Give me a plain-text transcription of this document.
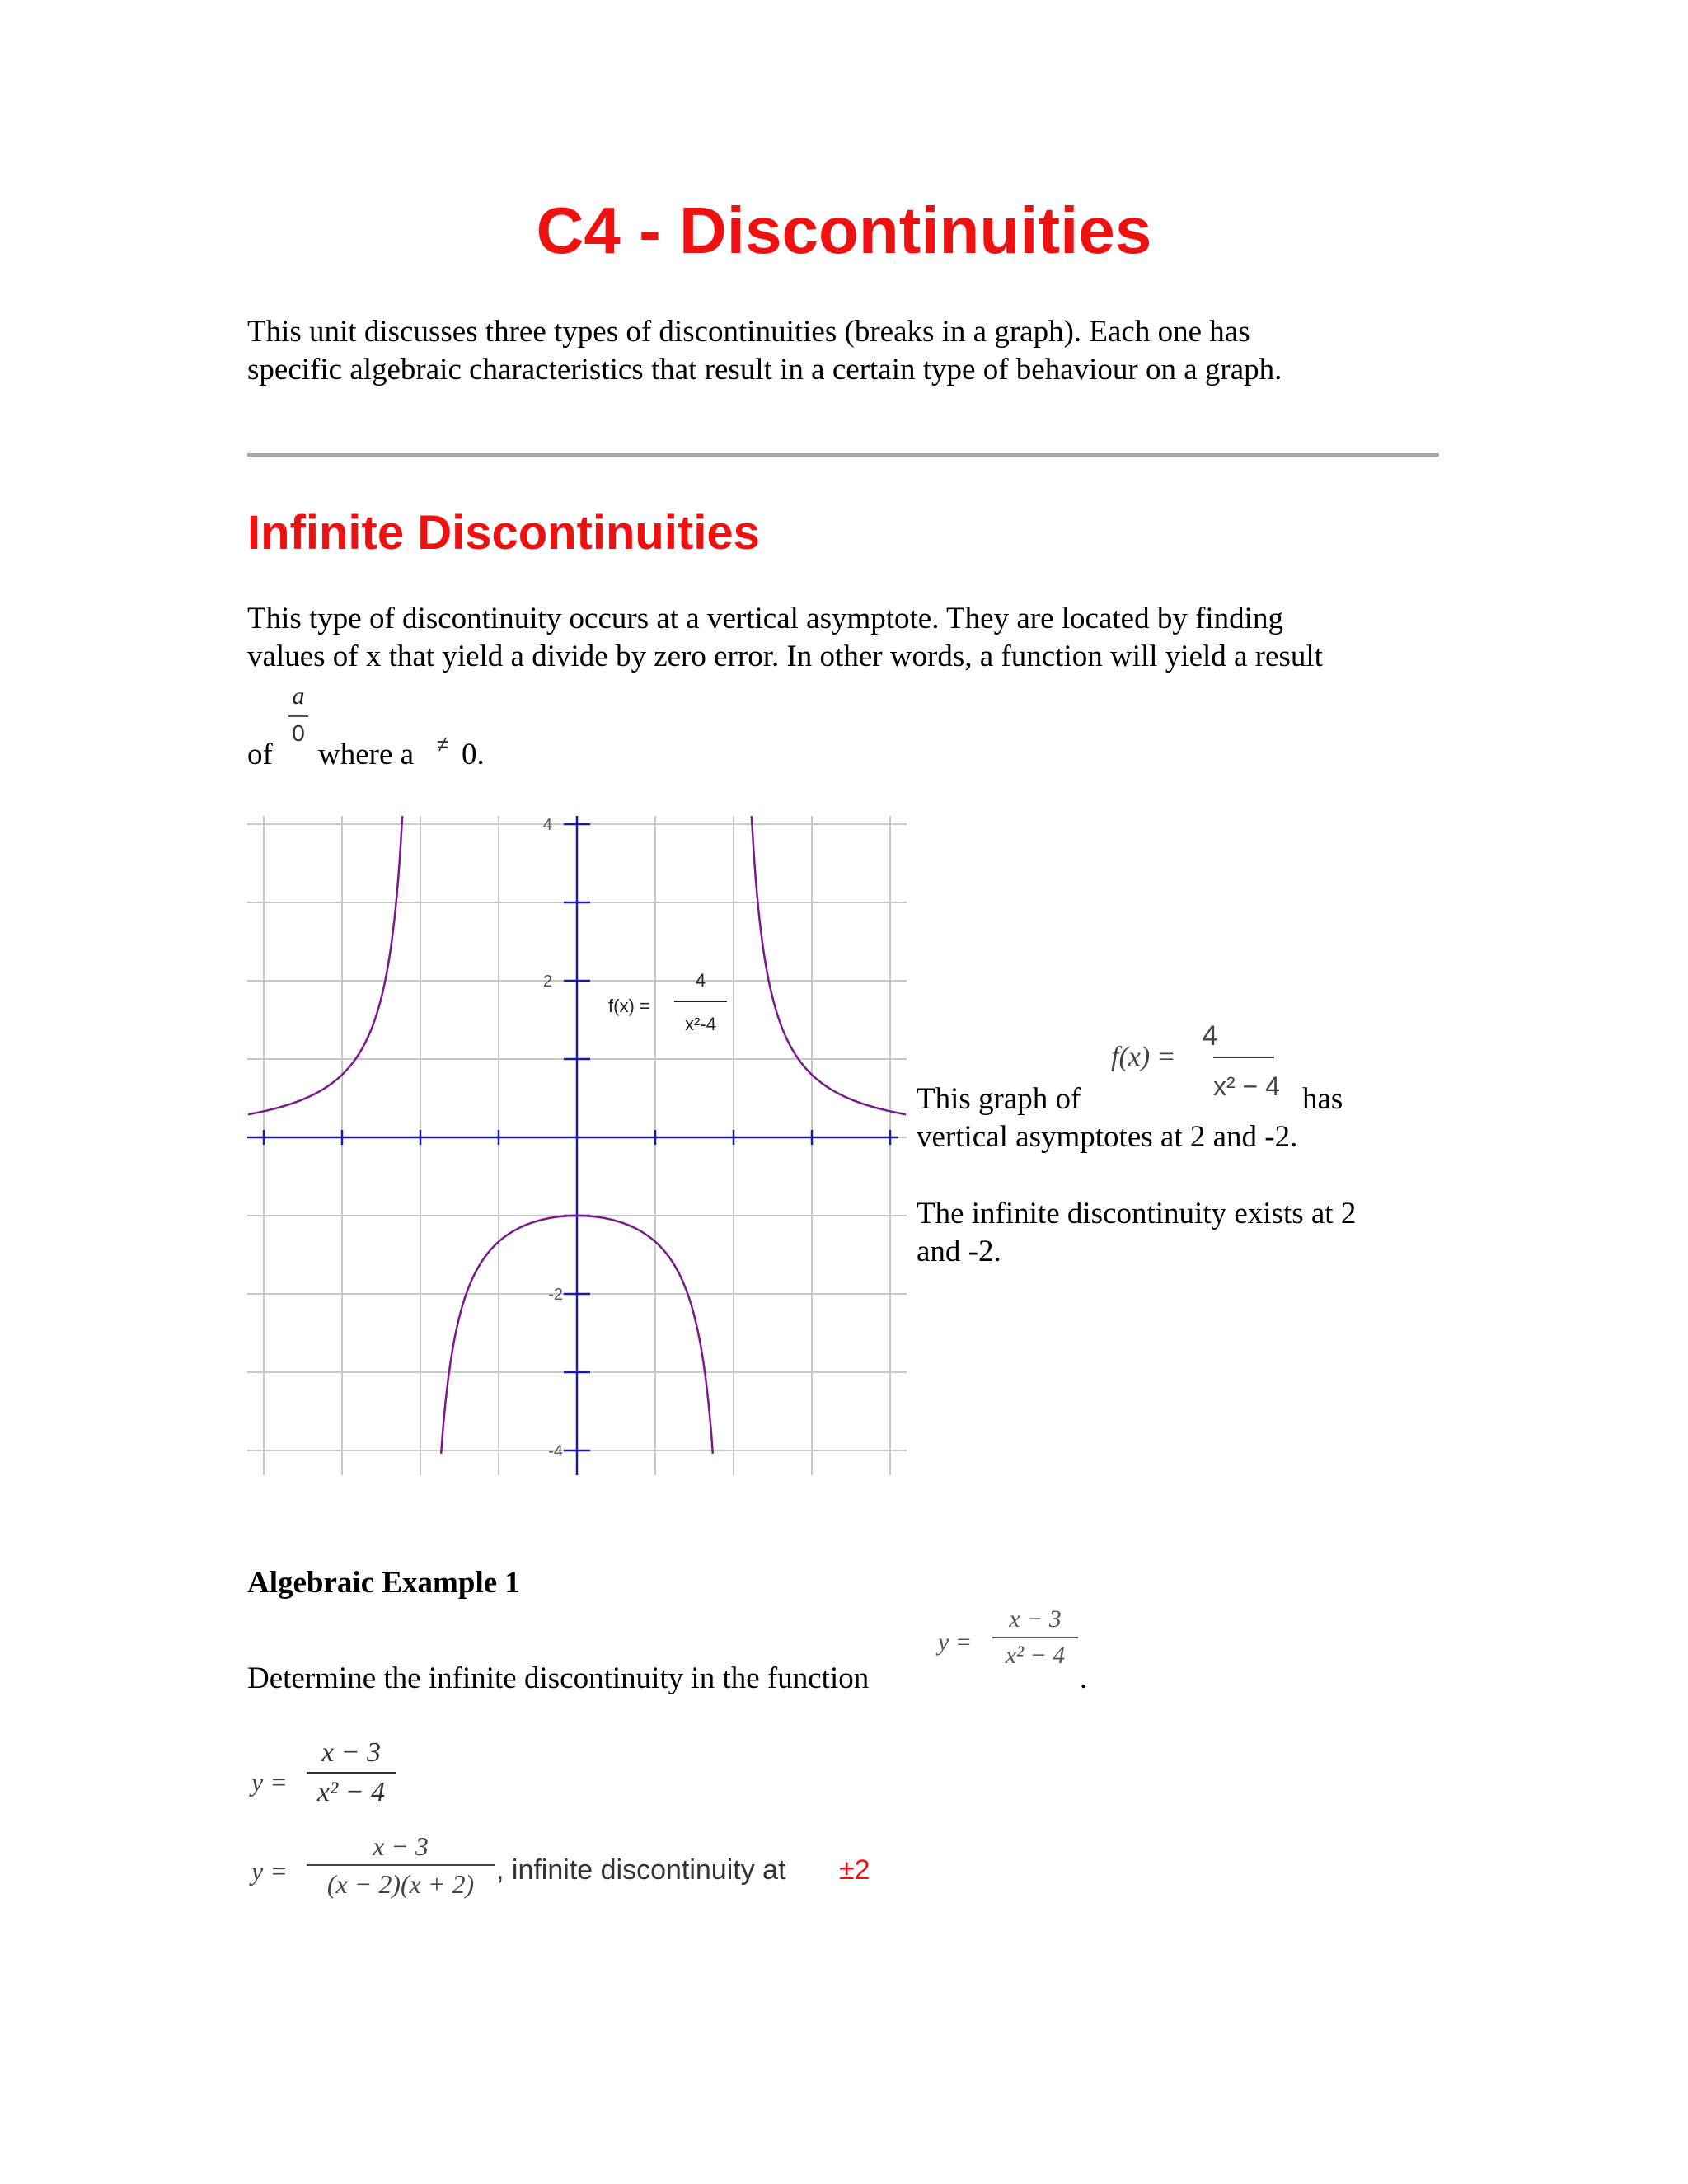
C4 - Discontinuities
This unit discusses three types of discontinuities (breaks in a graph). Each one has
specific algebraic characteristics that result in a certain type of behaviour on a graph.
Infinite Discontinuities
This type of discontinuity occurs at a vertical asymptote. They are located by finding
values of x that yield a divide by zero error. In other words, a function will yield a result
of
a
0
where a ≠ 0.
4
2
-2
-4
f(x) =
4
x²-4	4
f(x) =
x² − 4
This graph of	has
vertical asymptotes at 2 and -2.
The infinite discontinuity exists at 2
and -2.
Algebraic Example 1
Determine the infinite discontinuity in the function
y =
x − 3
x² − 4
.
y =
x − 3
x² − 4
y =
x − 3
(x − 2)(x + 2) , infinite discontinuity at ±2
